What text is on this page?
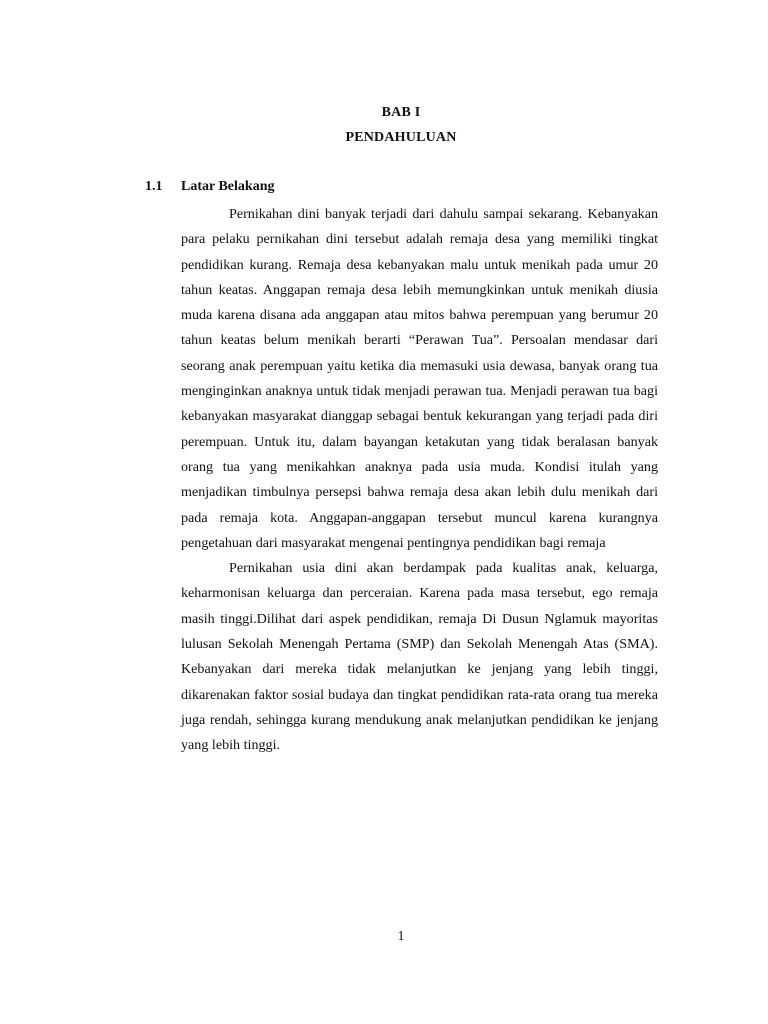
BAB I
PENDAHULUAN
1.1 Latar Belakang

Pernikahan dini banyak terjadi dari dahulu sampai sekarang. Kebanyakan para pelaku pernikahan dini tersebut adalah remaja desa yang memiliki tingkat pendidikan kurang. Remaja desa kebanyakan malu untuk menikah pada umur 20 tahun keatas. Anggapan remaja desa lebih memungkinkan untuk menikah diusia muda karena disana ada anggapan atau mitos bahwa perempuan yang berumur 20 tahun keatas belum menikah berarti “Perawan Tua”. Persoalan mendasar dari seorang anak perempuan yaitu ketika dia memasuki usia dewasa, banyak orang tua menginginkan anaknya untuk tidak menjadi perawan tua. Menjadi perawan tua bagi kebanyakan masyarakat dianggap sebagai bentuk kekurangan yang terjadi pada diri perempuan. Untuk itu, dalam bayangan ketakutan yang tidak beralasan banyak orang tua yang menikahkan anaknya pada usia muda. Kondisi itulah yang menjadikan timbulnya persepsi bahwa remaja desa akan lebih dulu menikah dari pada remaja kota. Anggapan-anggapan tersebut muncul karena kurangnya pengetahuan dari masyarakat mengenai pentingnya pendidikan bagi remaja

Pernikahan usia dini akan berdampak pada kualitas anak, keluarga, keharmonisan keluarga dan perceraian. Karena pada masa tersebut, ego remaja masih tinggi.Dilihat dari aspek pendidikan, remaja Di Dusun Nglamuk mayoritas lulusan Sekolah Menengah Pertama (SMP) dan Sekolah Menengah Atas (SMA). Kebanyakan dari mereka tidak melanjutkan ke jenjang yang lebih tinggi, dikarenakan faktor sosial budaya dan tingkat pendidikan rata-rata orang tua mereka juga rendah, sehingga kurang mendukung anak melanjutkan pendidikan ke jenjang yang lebih tinggi.

1
